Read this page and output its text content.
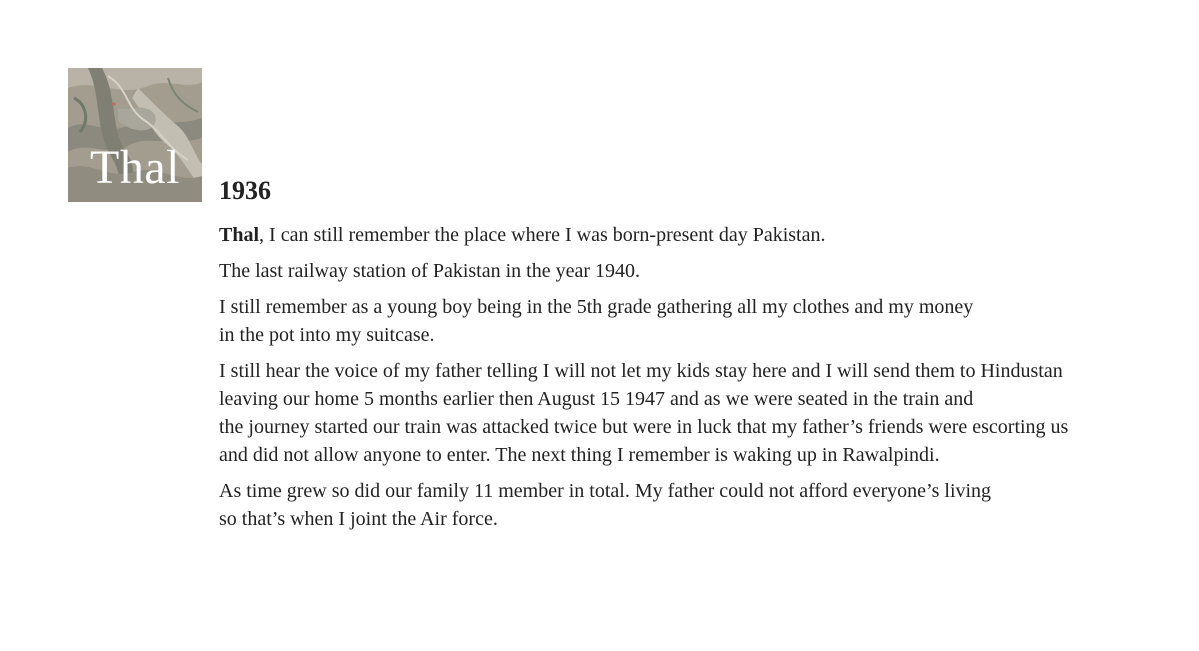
Thal 1936

Thal, I can still remember the place where I was born-present day Pakistan.

The last railway station of Pakistan in the year 1940.

I still remember as a young boy being in the 5th grade gathering all my clothes and my money
in the pot into my suitcase.

I still hear the voice of my father telling I will not let my kids stay here and I will send them to Hindustan
leaving our home 5 months earlier then August 15 1947 and as we were seated in the train and
the journey started our train was attacked twice but were in luck that my father’s friends were escorting us
and did not allow anyone to enter. The next thing I remember is waking up in Rawalpindi.

As time grew so did our family 11 member in total. My father could not afford everyone’s living
so that’s when I joint the Air force.
